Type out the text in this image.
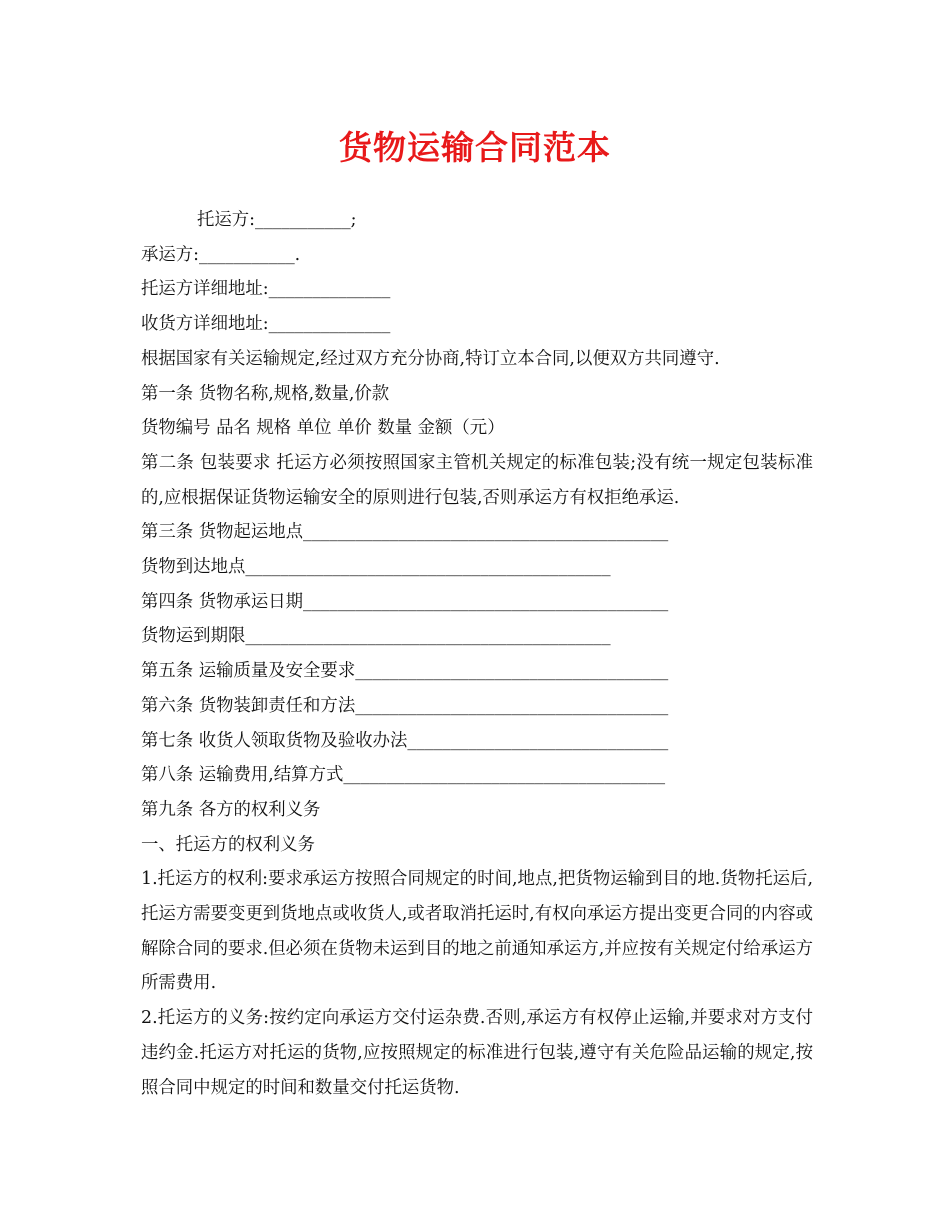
货物运输合同范本
托运方:___________;
承运方:___________.
托运方详细地址:______________
收货方详细地址:______________
根据国家有关运输规定,经过双方充分协商,特订立本合同,以便双方共同遵守.
第一条 货物名称,规格,数量,价款
货物编号 品名 规格 单位 单价 数量 金额（元）
第二条 包装要求 托运方必须按照国家主管机关规定的标准包装;没有统一规定包装标准的,应根据保证货物运输安全的原则进行包装,否则承运方有权拒绝承运.
第三条 货物起运地点__________________________________________
货物到达地点__________________________________________
第四条 货物承运日期__________________________________________
货物运到期限__________________________________________
第五条 运输质量及安全要求____________________________________
第六条 货物装卸责任和方法____________________________________
第七条 收货人领取货物及验收办法______________________________
第八条 运输费用,结算方式_____________________________________
第九条 各方的权利义务
一、托运方的权利义务
1.托运方的权利:要求承运方按照合同规定的时间,地点,把货物运输到目的地.货物托运后,托运方需要变更到货地点或收货人,或者取消托运时,有权向承运方提出变更合同的内容或解除合同的要求.但必须在货物未运到目的地之前通知承运方,并应按有关规定付给承运方所需费用.
2.托运方的义务:按约定向承运方交付运杂费.否则,承运方有权停止运输,并要求对方支付违约金.托运方对托运的货物,应按照规定的标准进行包装,遵守有关危险品运输的规定,按照合同中规定的时间和数量交付托运货物.
